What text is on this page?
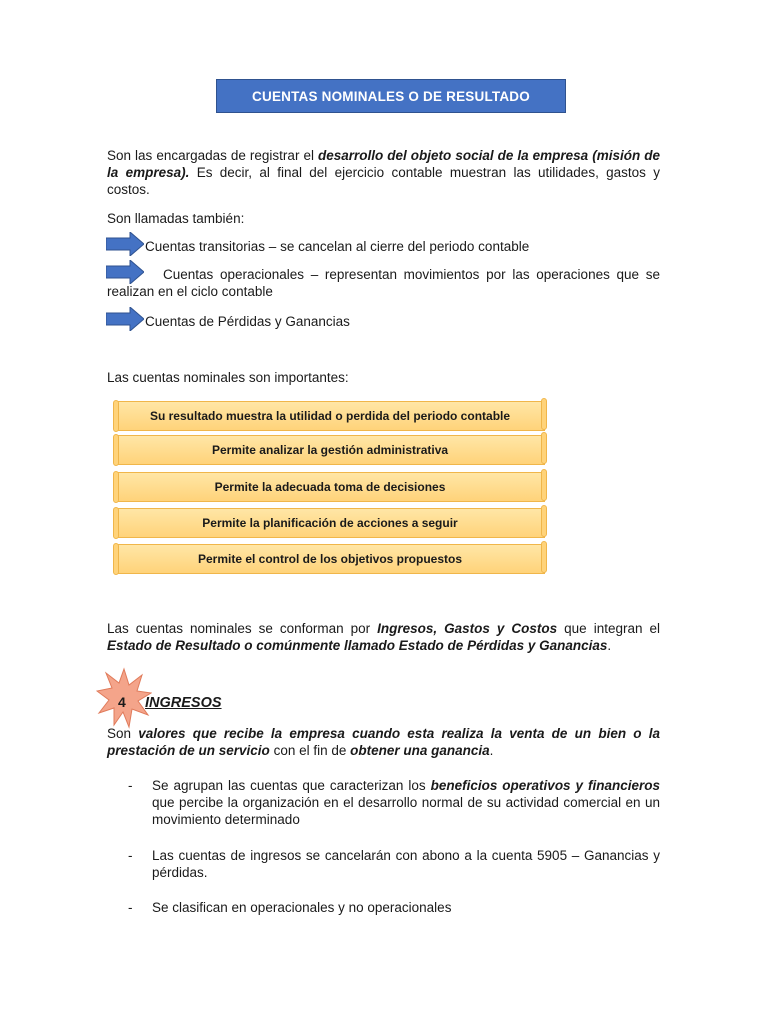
CUENTAS NOMINALES O DE RESULTADO
Son las encargadas de registrar el desarrollo del objeto social de la empresa (misión de la empresa). Es decir, al final del ejercicio contable muestran las utilidades, gastos y costos.
Son llamadas también:
Cuentas transitorias – se cancelan al cierre del periodo contable
Cuentas operacionales – representan movimientos por las operaciones que se realizan en el ciclo contable
Cuentas de Pérdidas y Ganancias
Las cuentas nominales son importantes:
Su resultado muestra la utilidad o perdida del periodo contable
Permite analizar la gestión administrativa
Permite la adecuada toma de decisiones
Permite la planificación de acciones a seguir
Permite el control de los objetivos propuestos
Las cuentas nominales se conforman por Ingresos, Gastos y Costos que integran el Estado de Resultado o comúnmente llamado Estado de Pérdidas y Ganancias.
4 INGRESOS
Son valores que recibe la empresa cuando esta realiza la venta de un bien o la prestación de un servicio con el fin de obtener una ganancia.
- Se agrupan las cuentas que caracterizan los beneficios operativos y financieros que percibe la organización en el desarrollo normal de su actividad comercial en un movimiento determinado
- Las cuentas de ingresos se cancelarán con abono a la cuenta 5905 – Ganancias y pérdidas.
- Se clasifican en operacionales y no operacionales
